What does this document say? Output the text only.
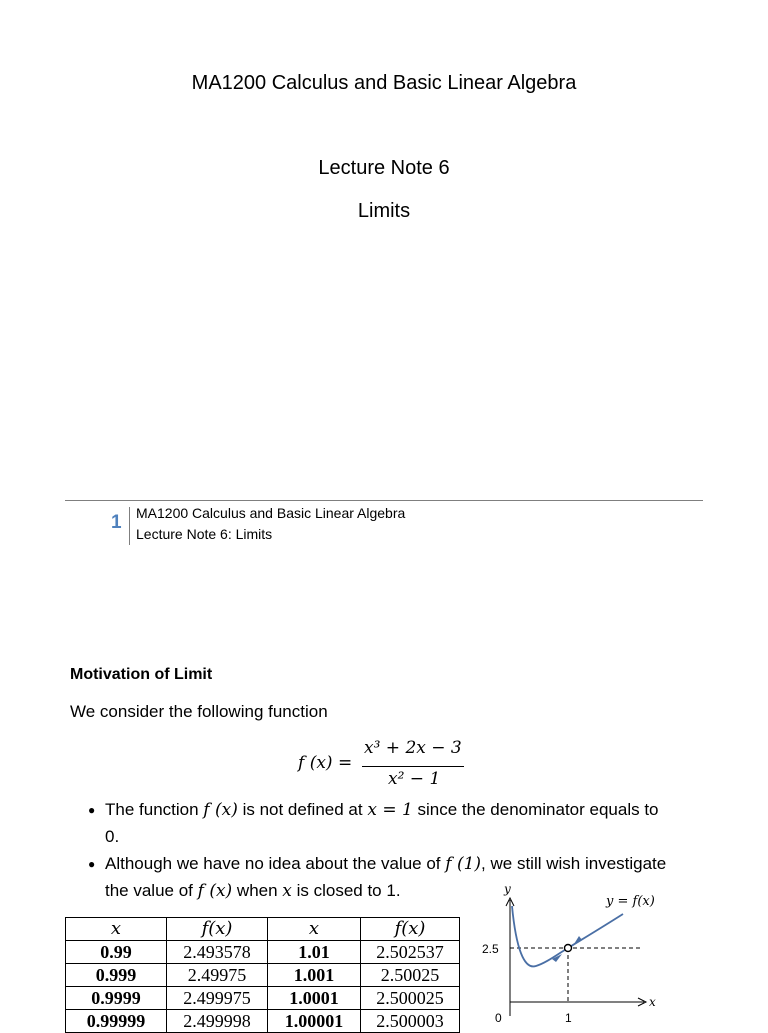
MA1200 Calculus and Basic Linear Algebra
Lecture Note 6
Limits
1 MA1200 Calculus and Basic Linear Algebra
Lecture Note 6: Limits
Motivation of Limit
We consider the following function
f (x) =
x³ + 2x − 3
x² − 1
● The function f (x) is not defined at x = 1 since the denominator equals to
0.
● Although we have no idea about the value of f (1), we still wish investigate
the value of f (x) when x is closed to 1.
x	f(x)	x	f(x)
0.99	2.493578	1.01	2.502537
0.999	2.49975	1.001	2.50025
0.9999	2.499975	1.0001	2.500025
0.99999	2.499998	1.00001	2.500003
y
x
y = f(x)
2.5
0	1
